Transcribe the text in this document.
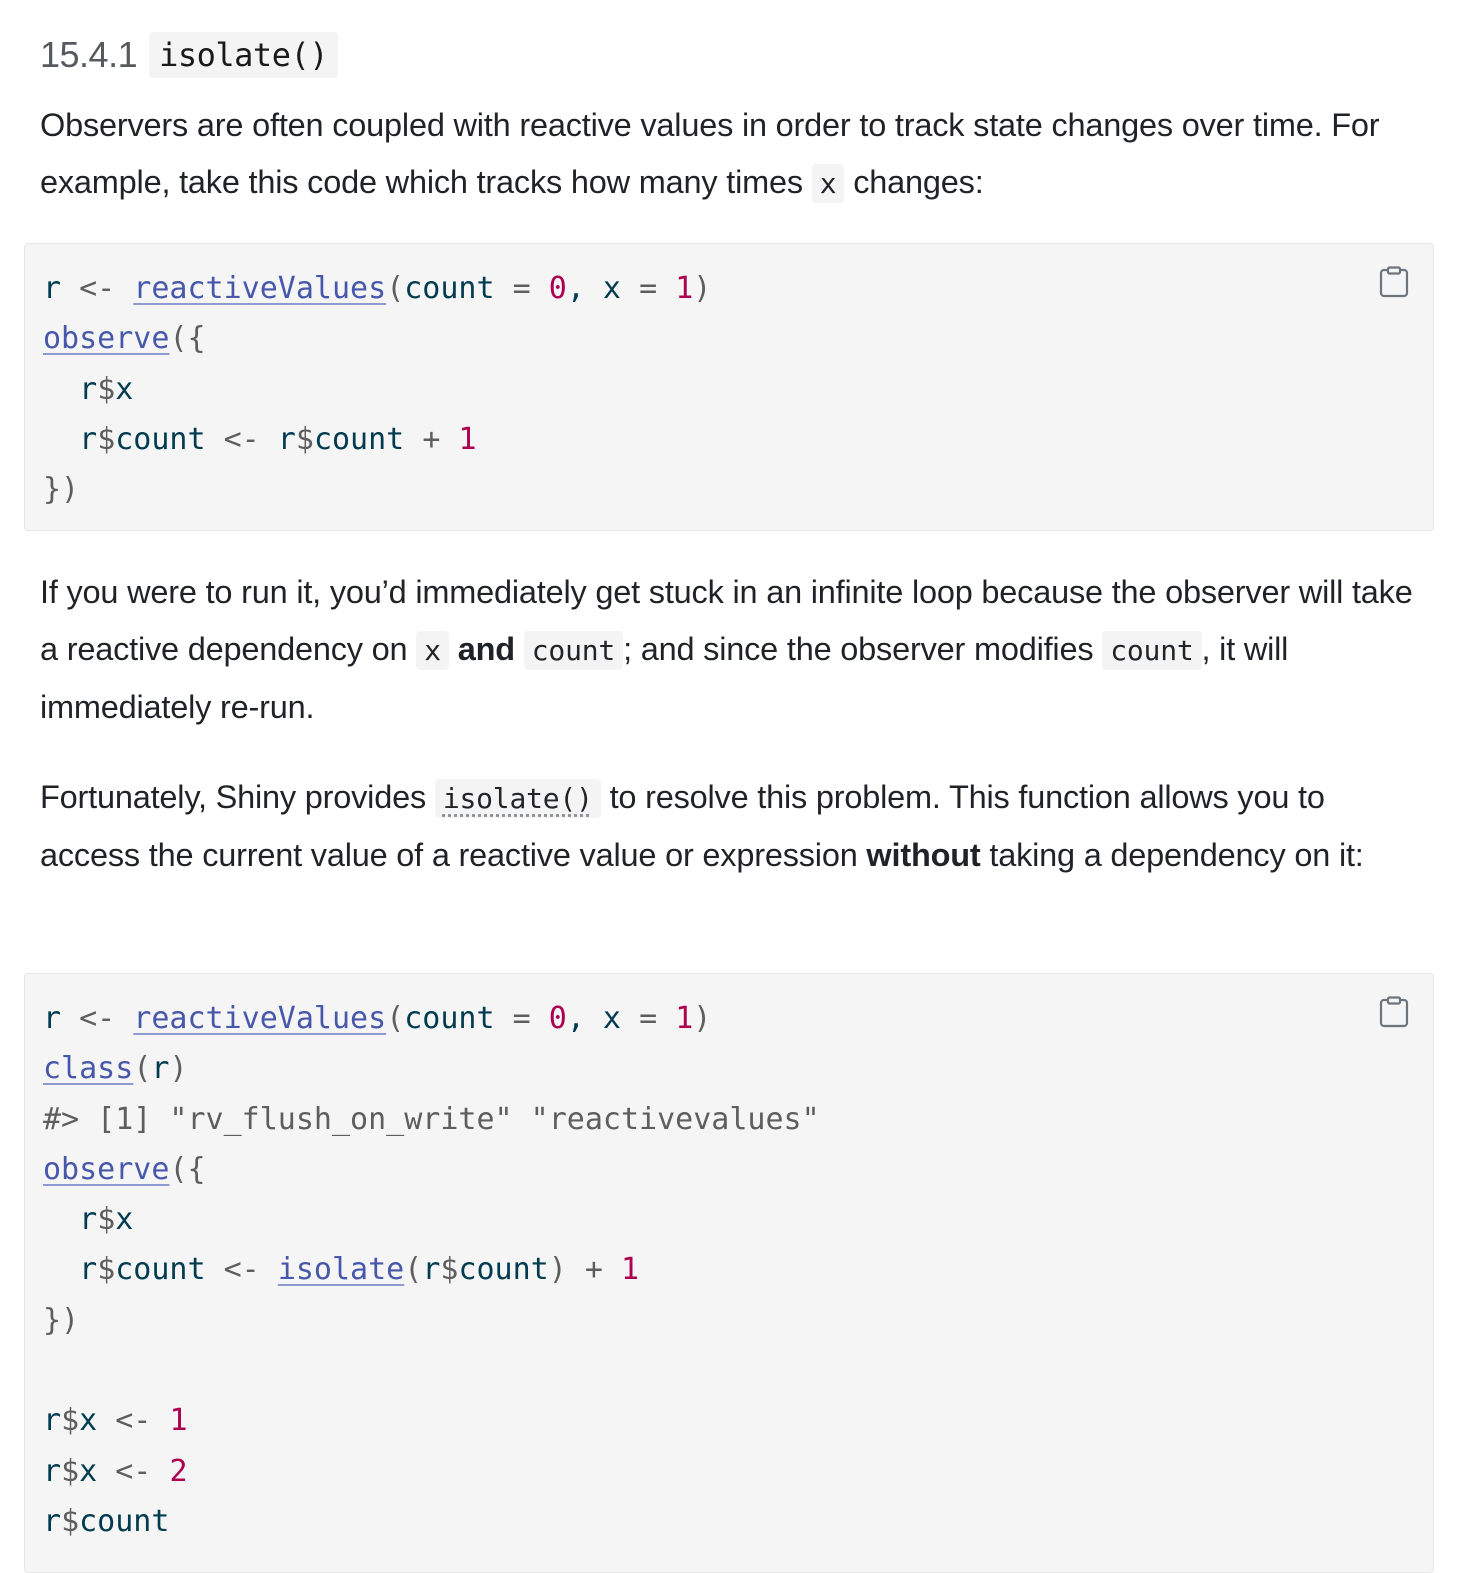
15.4.1 isolate()

Observers are often coupled with reactive values in order to track state changes over time. For example, take this code which tracks how many times x changes:

r <- reactiveValues(count = 0, x = 1)
observe({
r$x
r$count <- r$count + 1
})

If you were to run it, you’d immediately get stuck in an infinite loop because the observer will take a reactive dependency on x and count ; and since the observer modifies count , it will immediately re-run.

Fortunately, Shiny provides isolate() to resolve this problem. This function allows you to access the current value of a reactive value or expression without taking a dependency on it:

r <- reactiveValues(count = 0, x = 1)
class(r)
#> [1] "rv_flush_on_write" "reactivevalues"
observe({
r$x
r$count <- isolate(r$count) + 1
})
r$x <- 1
r$x <- 2
r$count
